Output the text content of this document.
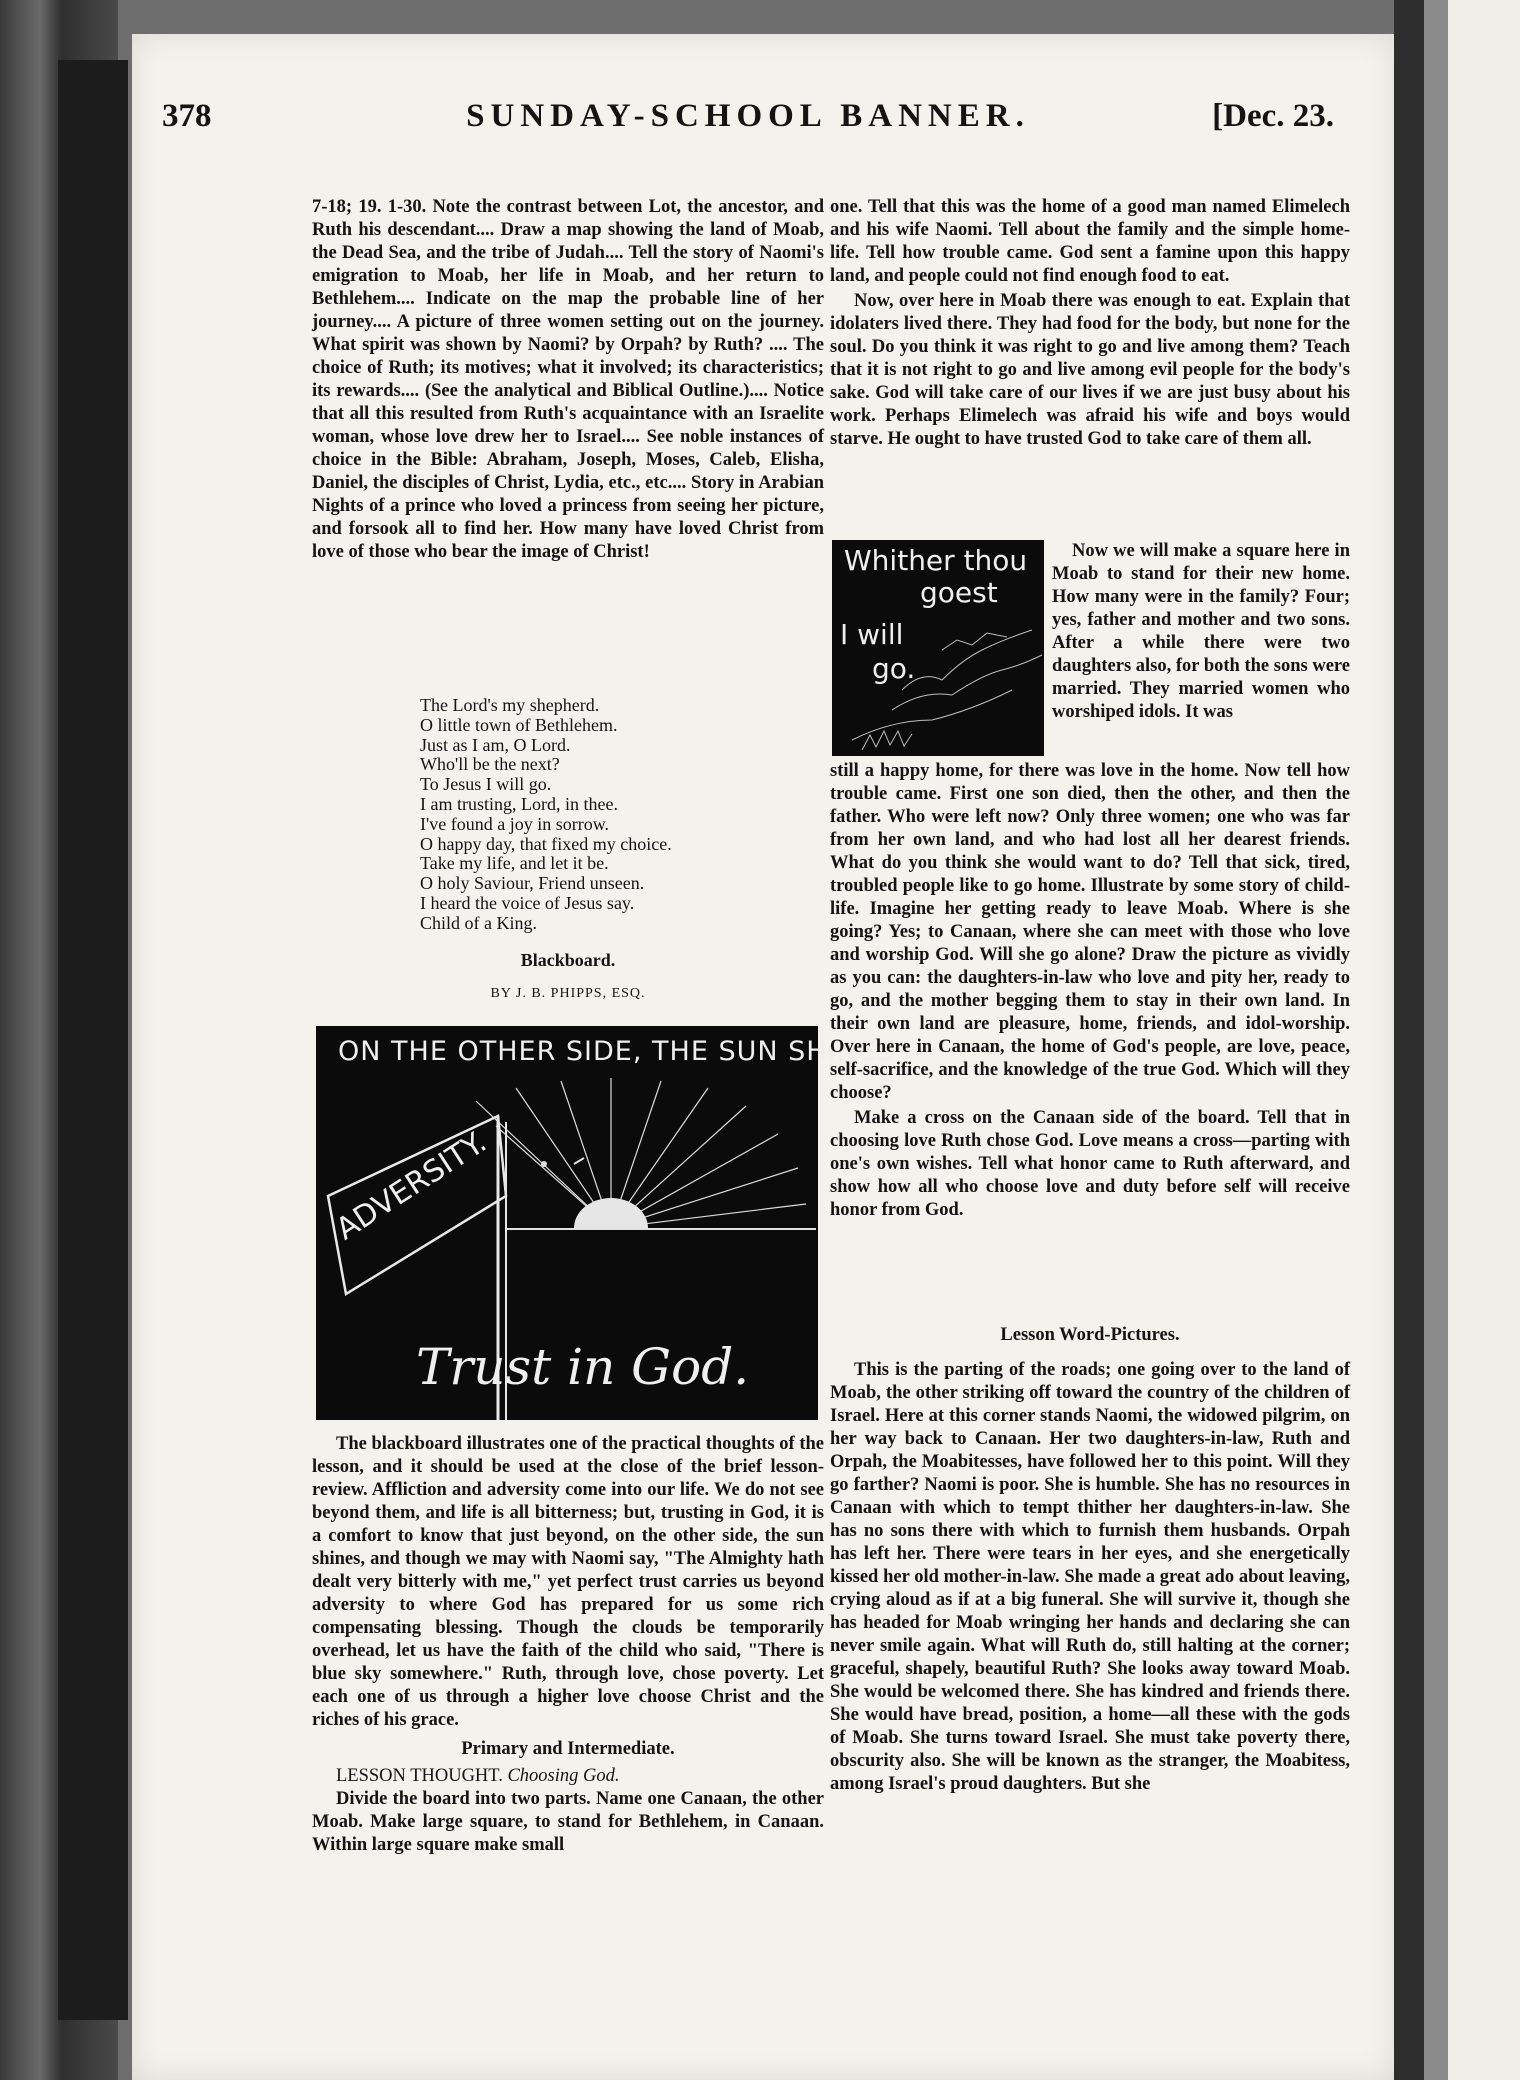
378	SUNDAY-SCHOOL BANNER.	[Dec. 23.

7-18; 19. 1-30. Note the contrast between Lot, the ancestor, and Ruth his descendant.... Draw a map showing the land of Moab, the Dead Sea, and the tribe of Judah.... Tell the story of Naomi's emigration to Moab, her life in Moab, and her return to Bethlehem.... Indicate on the map the probable line of her journey.... A picture of three women setting out on the journey. What spirit was shown by Naomi? by Orpah? by Ruth? .... The choice of Ruth; its motives; what it involved; its characteristics; its rewards.... (See the analytical and Biblical Outline.).... Notice that all this resulted from Ruth's acquaintance with an Israelite woman, whose love drew her to Israel.... See noble instances of choice in the Bible: Abraham, Joseph, Moses, Caleb, Elisha, Daniel, the disciples of Christ, Lydia, etc., etc.... Story in Arabian Nights of a prince who loved a princess from seeing her picture, and forsook all to find her. How many have loved Christ from love of those who bear the image of Christ!

The Lord's my shepherd.
O little town of Bethlehem.
Just as I am, O Lord.
Who'll be the next?
To Jesus I will go.
I am trusting, Lord, in thee.
I've found a joy in sorrow.
O happy day, that fixed my choice.
Take my life, and let it be.
O holy Saviour, Friend unseen.
I heard the voice of Jesus say.
Child of a King.
Blackboard.
BY J. B. PHIPPS, ESQ.
ON THE OTHER SIDE, THE SUN SHINES.
ADVERSITY.
Trust in God.

The blackboard illustrates one of the practical thoughts of the lesson, and it should be used at the close of the brief lesson-review. Affliction and adversity come into our life. We do not see beyond them, and life is all bitterness; but, trusting in God, it is a comfort to know that just beyond, on the other side, the sun shines, and though we may with Naomi say, "The Almighty hath dealt very bitterly with me," yet perfect trust carries us beyond adversity to where God has prepared for us some rich compensating blessing. Though the clouds be temporarily overhead, let us have the faith of the child who said, "There is blue sky somewhere." Ruth, through love, chose poverty. Let each one of us through a higher love choose Christ and the riches of his grace.

Primary and Intermediate.

LESSON THOUGHT. Choosing God.

Divide the board into two parts. Name one Canaan, the other Moab. Make large square, to stand for Bethlehem, in Canaan. Within large square make small

one. Tell that this was the home of a good man named Elimelech and his wife Naomi. Tell about the family and the simple home-life. Tell how trouble came. God sent a famine upon this happy land, and people could not find enough food to eat.

Now, over here in Moab there was enough to eat. Explain that idolaters lived there. They had food for the body, but none for the soul. Do you think it was right to go and live among them? Teach that it is not right to go and live among evil people for the body's sake. God will take care of our lives if we are just busy about his work. Perhaps Elimelech was afraid his wife and boys would starve. He ought to have trusted God to take care of them all.

Whither thou
goest
I will
go.
Now we will make a square here in Moab to stand for their new home. How many were in the family? Four; yes, father and mother and two sons. After a while there were two daughters also, for both the sons were married. They married women who worshiped idols. It was

still a happy home, for there was love in the home. Now tell how trouble came. First one son died, then the other, and then the father. Who were left now? Only three women; one who was far from her own land, and who had lost all her dearest friends. What do you think she would want to do? Tell that sick, tired, troubled people like to go home. Illustrate by some story of child-life. Imagine her getting ready to leave Moab. Where is she going? Yes; to Canaan, where she can meet with those who love and worship God. Will she go alone? Draw the picture as vividly as you can: the daughters-in-law who love and pity her, ready to go, and the mother begging them to stay in their own land. In their own land are pleasure, home, friends, and idol-worship. Over here in Canaan, the home of God's people, are love, peace, self-sacrifice, and the knowledge of the true God. Which will they choose?

Make a cross on the Canaan side of the board. Tell that in choosing love Ruth chose God. Love means a cross—parting with one's own wishes. Tell what honor came to Ruth afterward, and show how all who choose love and duty before self will receive honor from God.

Lesson Word-Pictures.

This is the parting of the roads; one going over to the land of Moab, the other striking off toward the country of the children of Israel. Here at this corner stands Naomi, the widowed pilgrim, on her way back to Canaan. Her two daughters-in-law, Ruth and Orpah, the Moabitesses, have followed her to this point. Will they go farther? Naomi is poor. She is humble. She has no resources in Canaan with which to tempt thither her daughters-in-law. She has no sons there with which to furnish them husbands. Orpah has left her. There were tears in her eyes, and she energetically kissed her old mother-in-law. She made a great ado about leaving, crying aloud as if at a big funeral. She will survive it, though she has headed for Moab wringing her hands and declaring she can never smile again. What will Ruth do, still halting at the corner; graceful, shapely, beautiful Ruth? She looks away toward Moab. She would be welcomed there. She has kindred and friends there. She would have bread, position, a home—all these with the gods of Moab. She turns toward Israel. She must take poverty there, obscurity also. She will be known as the stranger, the Moabitess, among Israel's proud daughters. But she
